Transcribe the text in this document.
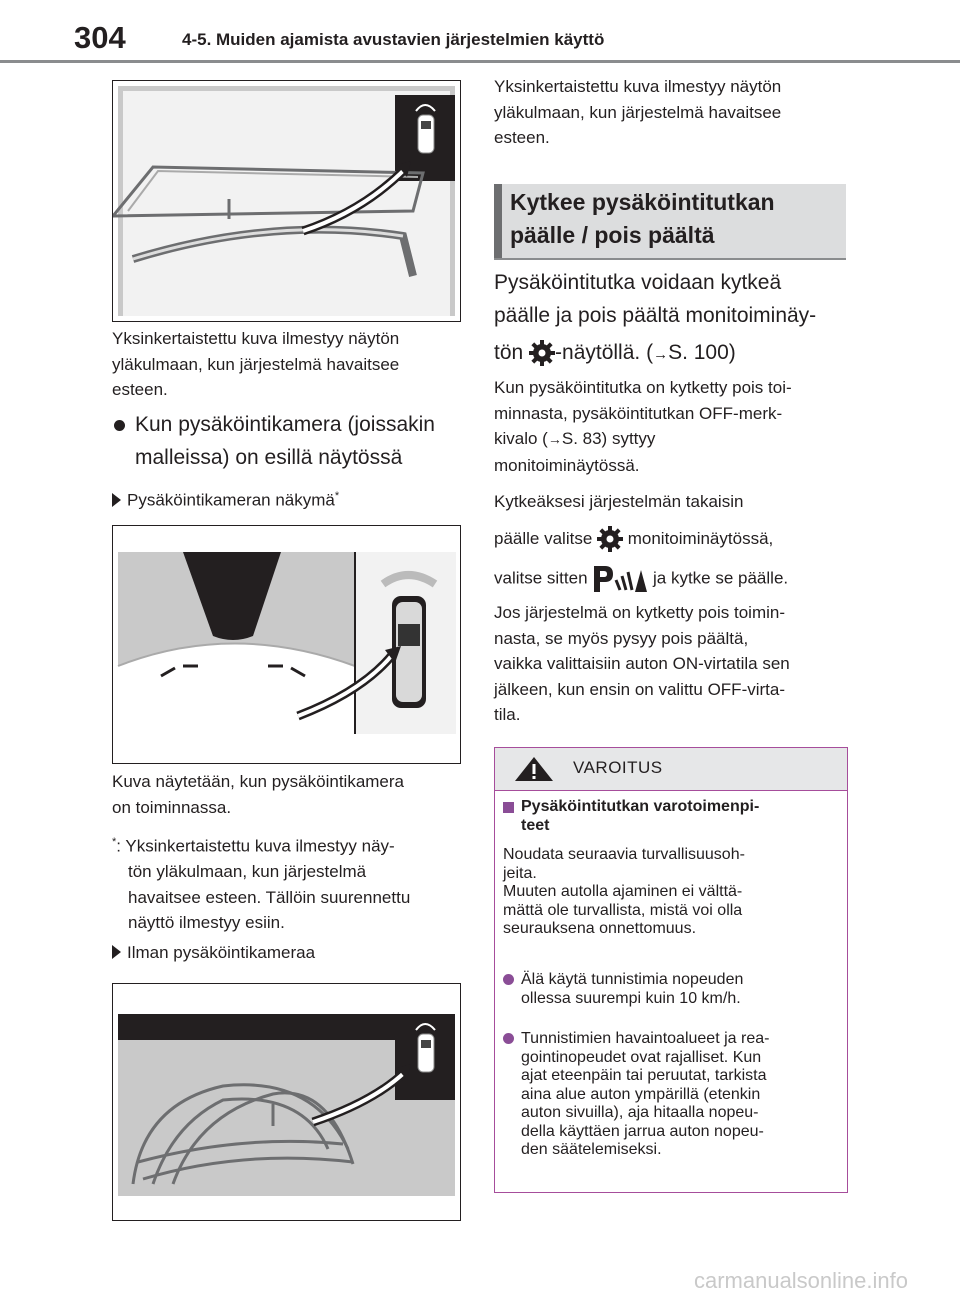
304	4-5. Muiden ajamista avustavien järjestelmien käyttö
Yksinkertaistettu kuva ilmestyy näytön
yläkulmaan, kun järjestelmä havaitsee
esteen.
Kun pysäköintikamera (joissakin
malleissa) on esillä näytössä
Pysäköintikameran näkymä*
Kuva näytetään, kun pysäköintikamera
on toiminnassa.
*: Yksinkertaistettu kuva ilmestyy näy-
tön yläkulmaan, kun järjestelmä
havaitsee esteen. Tällöin suurennettu
näyttö ilmestyy esiin.
Ilman pysäköintikameraa
Yksinkertaistettu kuva ilmestyy näytön
yläkulmaan, kun järjestelmä havaitsee
esteen.
Kytkee pysäköintitutkan
päälle / pois päältä
Pysäköintitutka voidaan kytkeä
päälle ja pois päältä monitoiminäy-
tön -näytöllä. (→S. 100)
Kun pysäköintitutka on kytketty pois toi-
minnasta, pysäköintitutkan OFF-merk-
kivalo (→S. 83) syttyy
monitoiminäytössä.
Kytkeäksesi järjestelmän takaisin
päälle valitse  monitoiminäytössä,
valitse sitten	ja kytke se päälle.
Jos järjestelmä on kytketty pois toimin-
nasta, se myös pysyy pois päältä,
vaikka valittaisiin auton ON-virtatila sen
jälkeen, kun ensin on valittu OFF-virta-
tila.
VAROITUS
Pysäköintitutkan varotoimenpi-
teet
Noudata seuraavia turvallisuusoh-
jeita.
Muuten autolla ajaminen ei välttä-
mättä ole turvallista, mistä voi olla
seurauksena onnettomuus.
Älä käytä tunnistimia nopeuden
ollessa suurempi kuin 10 km/h.
Tunnistimien havaintoalueet ja rea-
gointinopeudet ovat rajalliset. Kun
ajat eteenpäin tai peruutat, tarkista
aina alue auton ympärillä (etenkin
auton sivuilla), aja hitaalla nopeu-
della käyttäen jarrua auton nopeu-
den säätelemiseksi.
carmanualsonline.info
